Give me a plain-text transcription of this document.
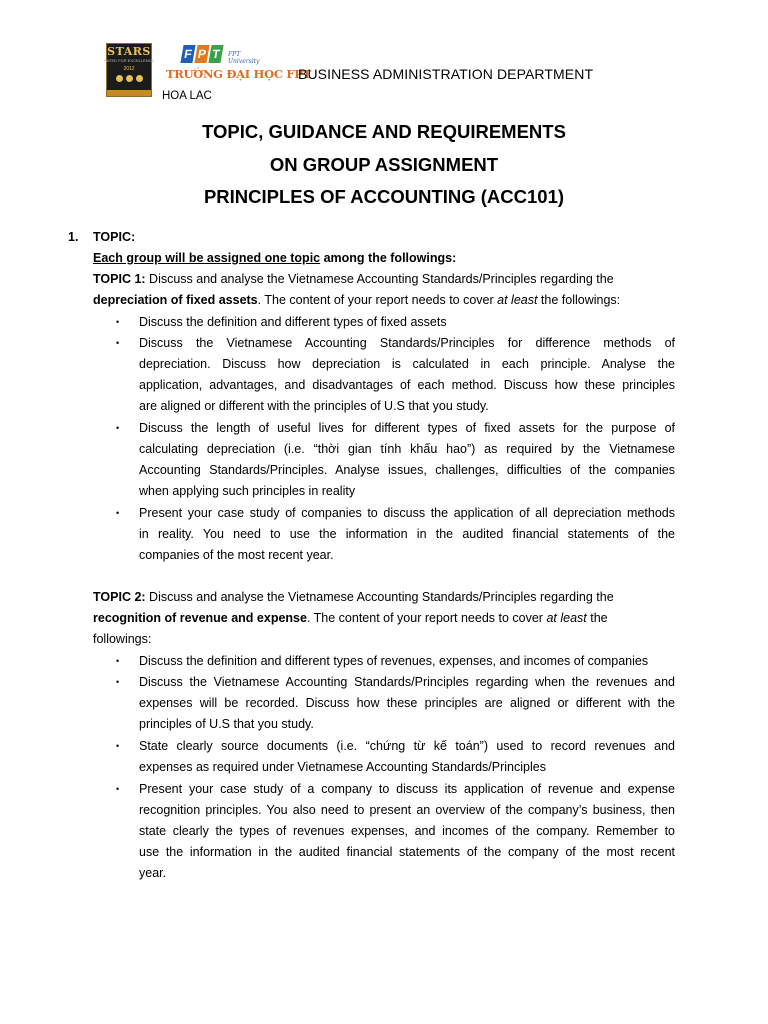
STARS
RATED FOR EXCELLENCE
2012
F P T	FPT University
TRƯỜNG ĐẠI HỌC FPT
HOA LAC
BUSINESS ADMINISTRATION DEPARTMENT
TOPIC, GUIDANCE AND REQUIREMENTS
ON GROUP ASSIGNMENT
PRINCIPLES OF ACCOUNTING (ACC101)
1. TOPIC:
Each group will be assigned one topic among the followings:
TOPIC 1: Discuss and analyse the Vietnamese Accounting Standards/Principles regarding the
depreciation of fixed assets. The content of your report needs to cover at least the followings:
• Discuss the definition and different types of fixed assets
• Discuss the Vietnamese Accounting Standards/Principles for difference methods of
depreciation. Discuss how depreciation is calculated in each principle. Analyse the
application, advantages, and disadvantages of each method. Discuss how these principles
are aligned or different with the principles of U.S that you study.
• Discuss the length of useful lives for different types of fixed assets for the purpose of
calculating depreciation (i.e. “thời gian tính khấu hao”) as required by the Vietnamese
Accounting Standards/Principles. Analyse issues, challenges, difficulties of the companies
when applying such principles in reality
• Present your case study of companies to discuss the application of all depreciation methods
in reality. You need to use the information in the audited financial statements of the
companies of the most recent year.
TOPIC 2: Discuss and analyse the Vietnamese Accounting Standards/Principles regarding the
recognition of revenue and expense. The content of your report needs to cover at least the
followings:
• Discuss the definition and different types of revenues, expenses, and incomes of companies
• Discuss the Vietnamese Accounting Standards/Principles regarding when the revenues and
expenses will be recorded. Discuss how these principles are aligned or different with the
principles of U.S that you study.
• State clearly source documents (i.e. “chứng từ kế toán”) used to record revenues and
expenses as required under Vietnamese Accounting Standards/Principles
• Present your case study of a company to discuss its application of revenue and expense
recognition principles. You also need to present an overview of the company’s business, then
state clearly the types of revenues expenses, and incomes of the company. Remember to
use the information in the audited financial statements of the company of the most recent
year.
